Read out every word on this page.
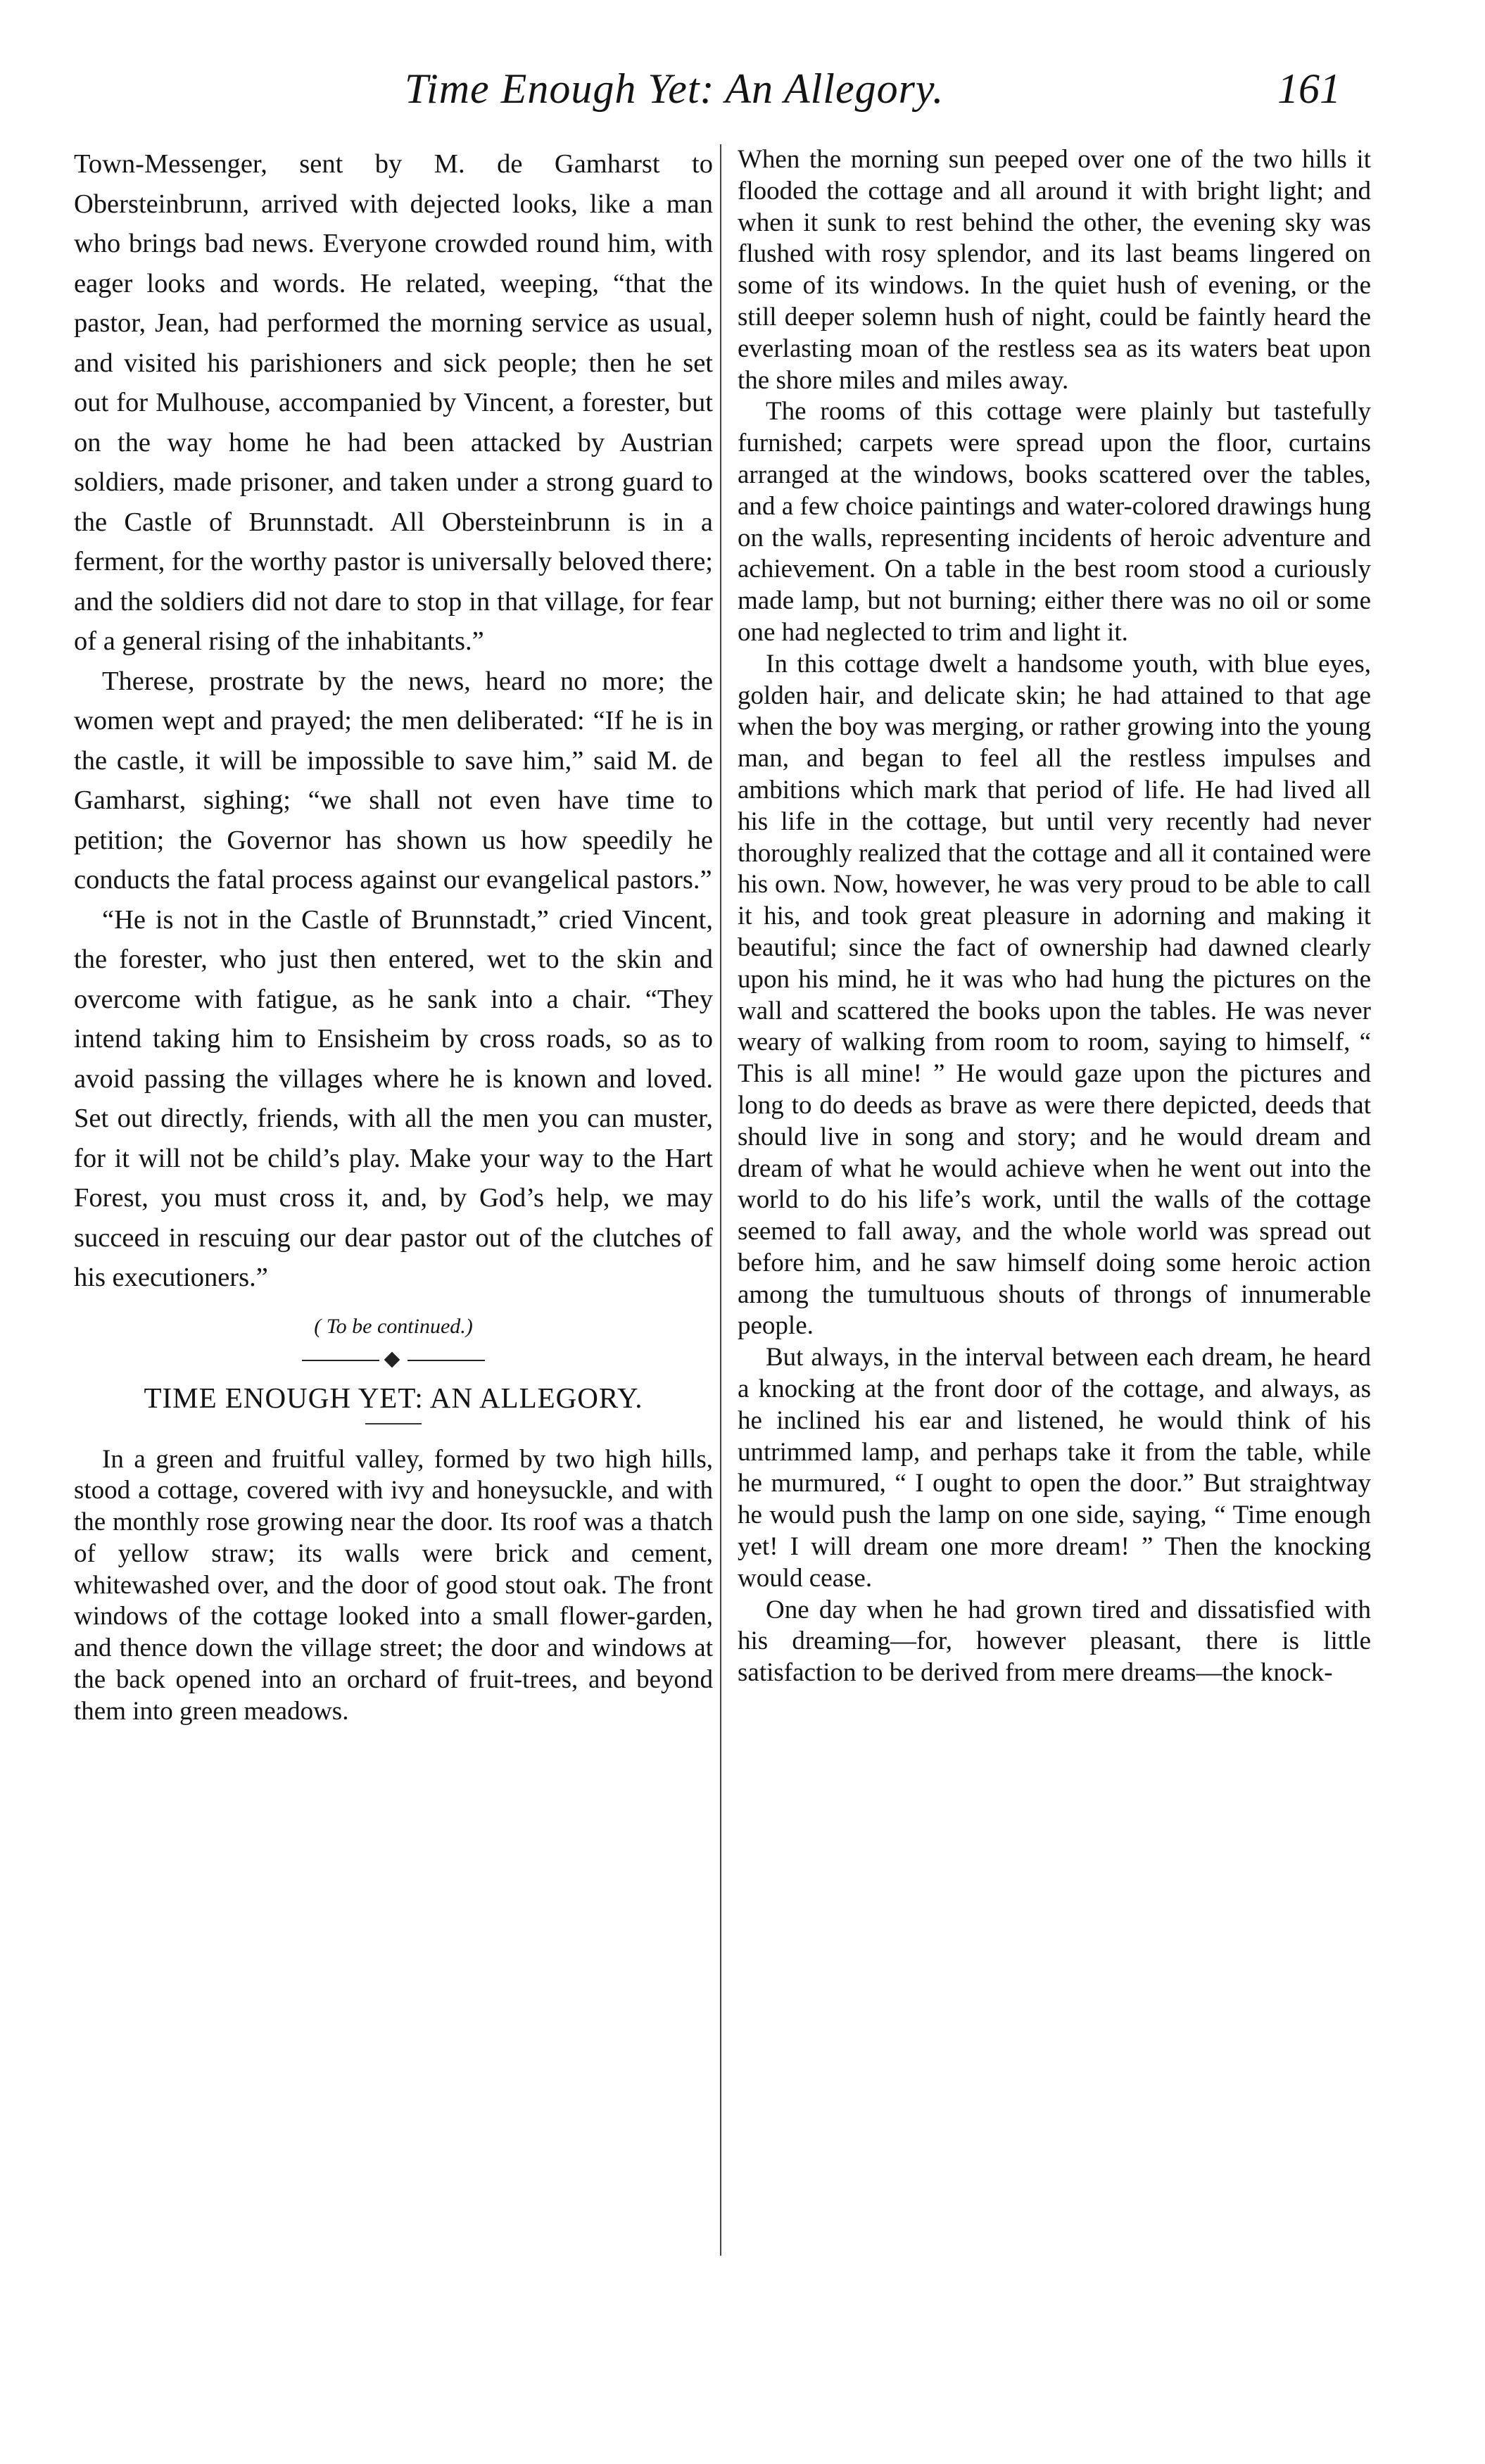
Time Enough Yet: An Allegory.	161

Town-Messenger, sent by M. de Gamharst to Obersteinbrunn, arrived with dejected looks, like a man who brings bad news. Everyone crowded round him, with eager looks and words. He related, weeping, “that the pastor, Jean, had performed the morning service as usual, and visited his parishioners and sick people; then he set out for Mulhouse, accompanied by Vincent, a forester, but on the way home he had been attacked by Austrian soldiers, made prisoner, and taken under a strong guard to the Castle of Brunnstadt. All Obersteinbrunn is in a ferment, for the worthy pastor is universally beloved there; and the soldiers did not dare to stop in that village, for fear of a general rising of the inhabitants.”

Therese, prostrate by the news, heard no more; the women wept and prayed; the men deliberated: “If he is in the castle, it will be impossible to save him,” said M. de Gamharst, sighing; “we shall not even have time to petition; the Governor has shown us how speedily he conducts the fatal process against our evangelical pastors.”

“He is not in the Castle of Brunnstadt,” cried Vincent, the forester, who just then entered, wet to the skin and overcome with fatigue, as he sank into a chair. “They intend taking him to Ensisheim by cross roads, so as to avoid passing the villages where he is known and loved. Set out directly, friends, with all the men you can muster, for it will not be child’s play. Make your way to the Hart Forest, you must cross it, and, by God’s help, we may succeed in rescuing our dear pastor out of the clutches of his executioners.”

( To be continued.)
TIME ENOUGH YET: AN ALLEGORY.

In a green and fruitful valley, formed by two high hills, stood a cottage, covered with ivy and honeysuckle, and with the monthly rose growing near the door. Its roof was a thatch of yellow straw; its walls were brick and cement, whitewashed over, and the door of good stout oak. The front windows of the cottage looked into a small flower-garden, and thence down the village street; the door and windows at the back opened into an orchard of fruit-trees, and beyond them into green meadows.

When the morning sun peeped over one of the two hills it flooded the cottage and all around it with bright light; and when it sunk to rest behind the other, the evening sky was flushed with rosy splendor, and its last beams lingered on some of its windows. In the quiet hush of evening, or the still deeper solemn hush of night, could be faintly heard the everlasting moan of the restless sea as its waters beat upon the shore miles and miles away.

The rooms of this cottage were plainly but tastefully furnished; carpets were spread upon the floor, curtains arranged at the windows, books scattered over the tables, and a few choice paintings and water-colored drawings hung on the walls, representing incidents of heroic adventure and achievement. On a table in the best room stood a curiously made lamp, but not burning; either there was no oil or some one had neglected to trim and light it.

In this cottage dwelt a handsome youth, with blue eyes, golden hair, and delicate skin; he had attained to that age when the boy was merging, or rather growing into the young man, and began to feel all the restless impulses and ambitions which mark that period of life. He had lived all his life in the cottage, but until very recently had never thoroughly realized that the cottage and all it contained were his own. Now, however, he was very proud to be able to call it his, and took great pleasure in adorning and making it beautiful; since the fact of ownership had dawned clearly upon his mind, he it was who had hung the pictures on the wall and scattered the books upon the tables. He was never weary of walking from room to room, saying to himself, “ This is all mine! ” He would gaze upon the pictures and long to do deeds as brave as were there depicted, deeds that should live in song and story; and he would dream and dream of what he would achieve when he went out into the world to do his life’s work, until the walls of the cottage seemed to fall away, and the whole world was spread out before him, and he saw himself doing some heroic action among the tumultuous shouts of throngs of innumerable people.

But always, in the interval between each dream, he heard a knocking at the front door of the cottage, and always, as he inclined his ear and listened, he would think of his untrimmed lamp, and perhaps take it from the table, while he murmured, “ I ought to open the door.” But straightway he would push the lamp on one side, saying, “ Time enough yet! I will dream one more dream! ” Then the knocking would cease.

One day when he had grown tired and dissatisfied with his dreaming—for, however pleasant, there is little satisfaction to be derived from mere dreams—the knock-
